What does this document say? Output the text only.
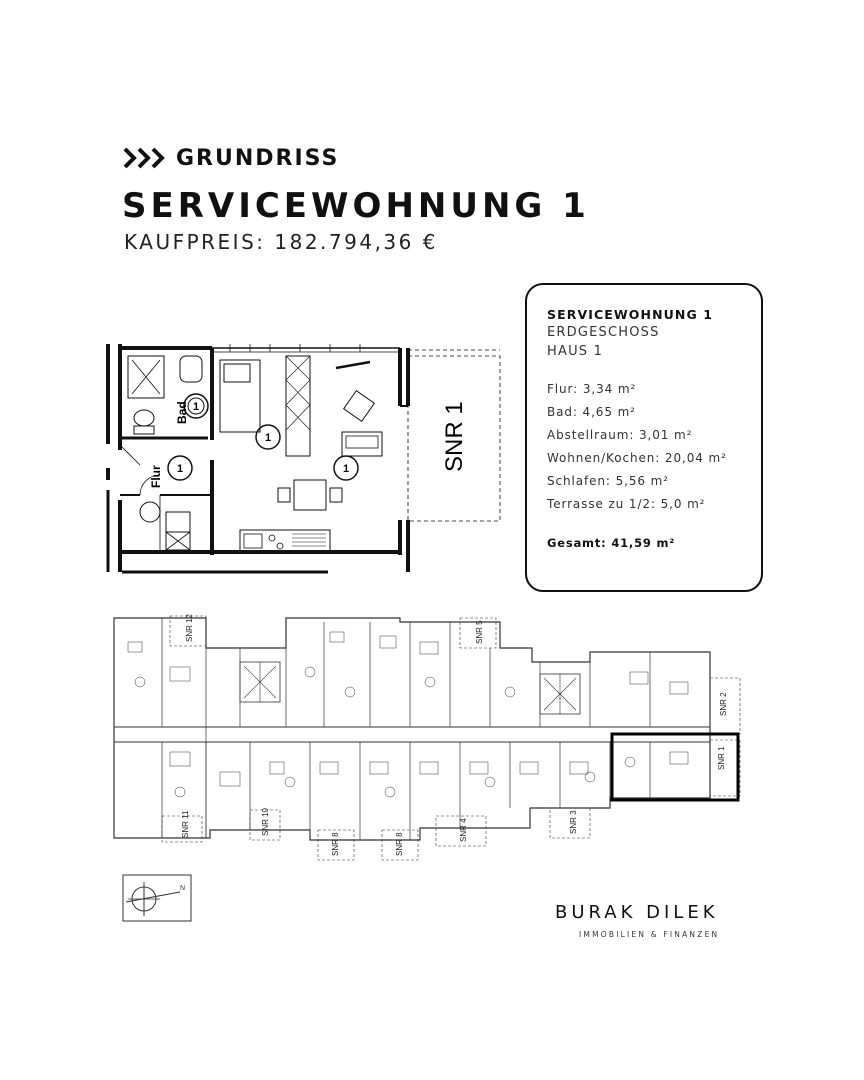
GRUNDRISS
SERVICEWOHNUNG 1
KAUFPREIS: 182.794,36 €
SERVICEWOHNUNG 1
ERDGESCHOSS
HAUS 1
Flur: 3,34 m²
Bad: 4,65 m²
Abstellraum: 3,01 m²
Wohnen/Kochen: 20,04 m²
Schlafen: 5,56 m²
Terrasse zu 1/2: 5,0 m²
Gesamt: 41,59 m²
Bad
Flur
SNR 1
1
1
1
1
SNR 12	SNR 5
SNR 2
SNR 1
SNR 11	SNR 10
SNR 8	SNR 8
SNR 4	SNR 3
N
BURAK DILEK
IMMOBILIEN & FINANZEN
